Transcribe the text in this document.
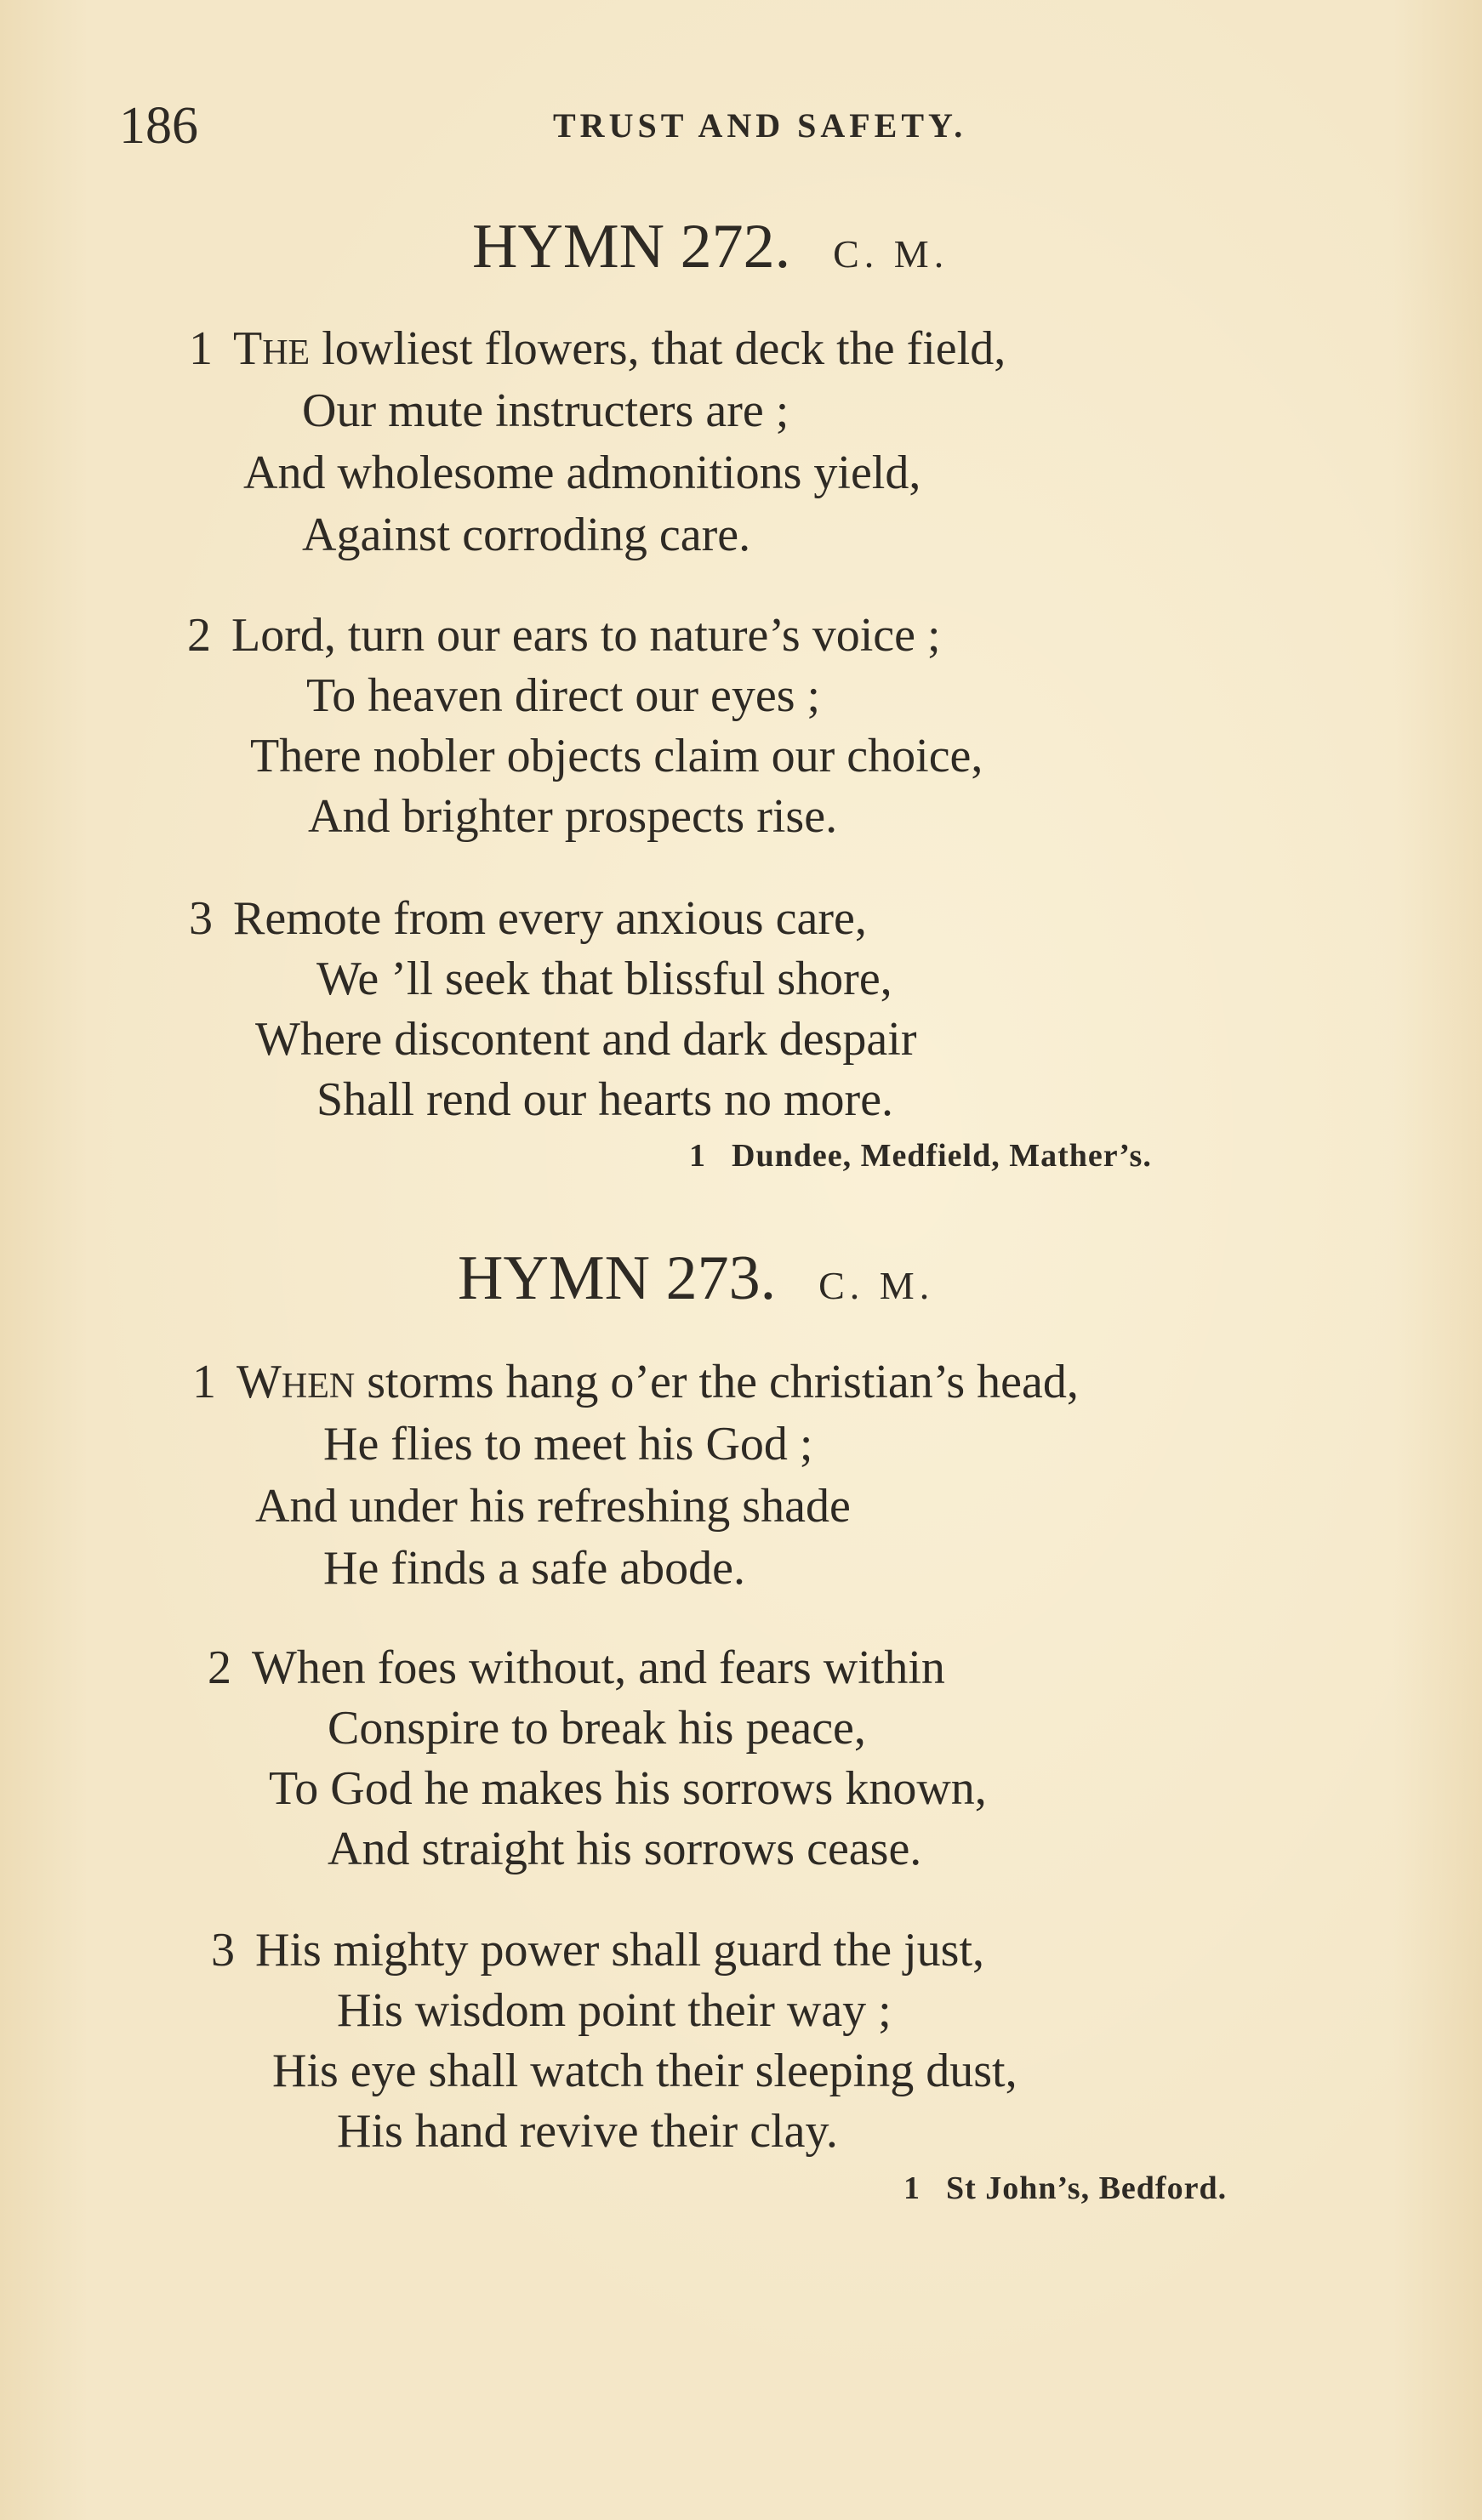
186	TRUST AND SAFETY.
HYMN 272. C. M.
1 THE lowliest flowers, that deck the field,
Our mute instructers are ;
And wholesome admonitions yield,
Against corroding care.
2 Lord, turn our ears to nature’s voice ;
To heaven direct our eyes ;
There nobler objects claim our choice,
And brighter prospects rise.
3 Remote from every anxious care,
We ’ll seek that blissful shore,
Where discontent and dark despair
Shall rend our hearts no more.
1 Dundee, Medfield, Mather’s.
HYMN 273. C. M.
1 WHEN storms hang o’er the christian’s head,
He flies to meet his God ;
And under his refreshing shade
He finds a safe abode.
2 When foes without, and fears within
Conspire to break his peace,
To God he makes his sorrows known,
And straight his sorrows cease.
3 His mighty power shall guard the just,
His wisdom point their way ;
His eye shall watch their sleeping dust,
His hand revive their clay.
1 St John’s, Bedford.
